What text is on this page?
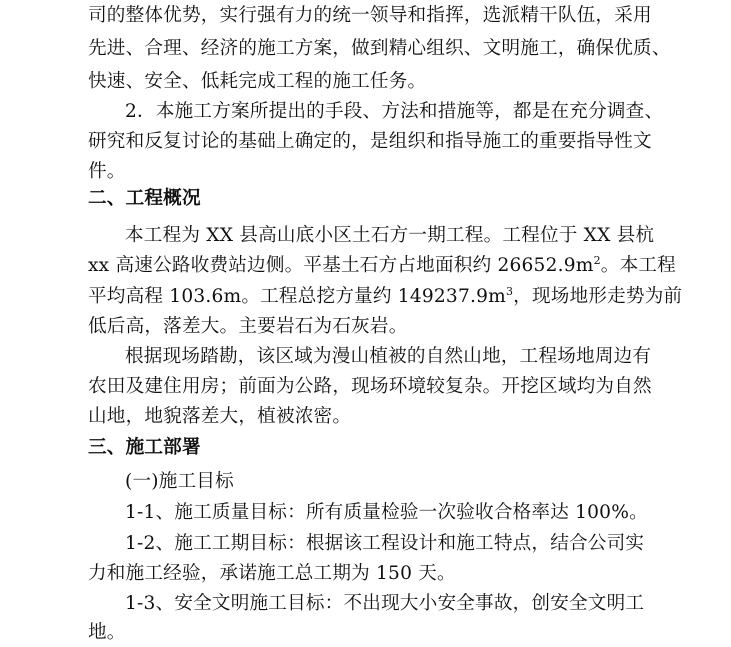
司的整体优势，实行强有力的统一领导和指挥，选派精干队伍，采用
先进、合理、经济的施工方案，做到精心组织、文明施工，确保优质、
快速、安全、低耗完成工程的施工任务。
2．本施工方案所提出的手段、方法和措施等，都是在充分调查、
研究和反复讨论的基础上确定的，是组织和指导施工的重要指导性文
件。
二、工程概况
本工程为 XX 县高山底小区土石方一期工程。工程位于 XX 县杭
xx 高速公路收费站边侧。平基土石方占地面积约 $26652.9m^2$。本工程
平均高程 103.6m。工程总挖方量约 $149237.9m^3$，现场地形走势为前
低后高，落差大。主要岩石为石灰岩。
根据现场踏勘，该区域为漫山植被的自然山地，工程场地周边有
农田及建住用房；前面为公路，现场环境较复杂。开挖区域均为自然
山地，地貌落差大，植被浓密。
三、施工部署
(一)施工目标
1-1、施工质量目标：所有质量检验一次验收合格率达 100%。
1-2、施工工期目标：根据该工程设计和施工特点，结合公司实
力和施工经验，承诺施工总工期为 150 天。
1-3、安全文明施工目标：不出现大小安全事故，创安全文明工
地。
